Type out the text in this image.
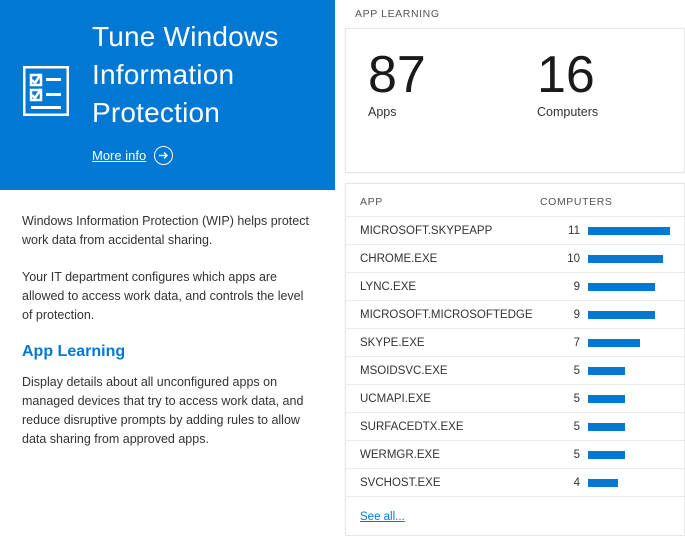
Tune Windows Information Protection
More info

Windows Information Protection (WIP) helps protect work data from accidental sharing.

Your IT department configures which apps are allowed to access work data, and controls the level of protection.

App Learning

Display details about all unconfigured apps on managed devices that try to access work data, and reduce disruptive prompts by adding rules to allow data sharing from approved apps.

APP LEARNING
87
Apps
16
Computers
APP	COMPUTERS
MICROSOFT.SKYPEAPP	11
CHROME.EXE	10
LYNC.EXE	9
MICROSOFT.MICROSOFTEDGE	9
SKYPE.EXE	7
MSOIDSVC.EXE	5
UCMAPI.EXE	5
SURFACEDTX.EXE	5
WERMGR.EXE	5
SVCHOST.EXE	4
See all...
